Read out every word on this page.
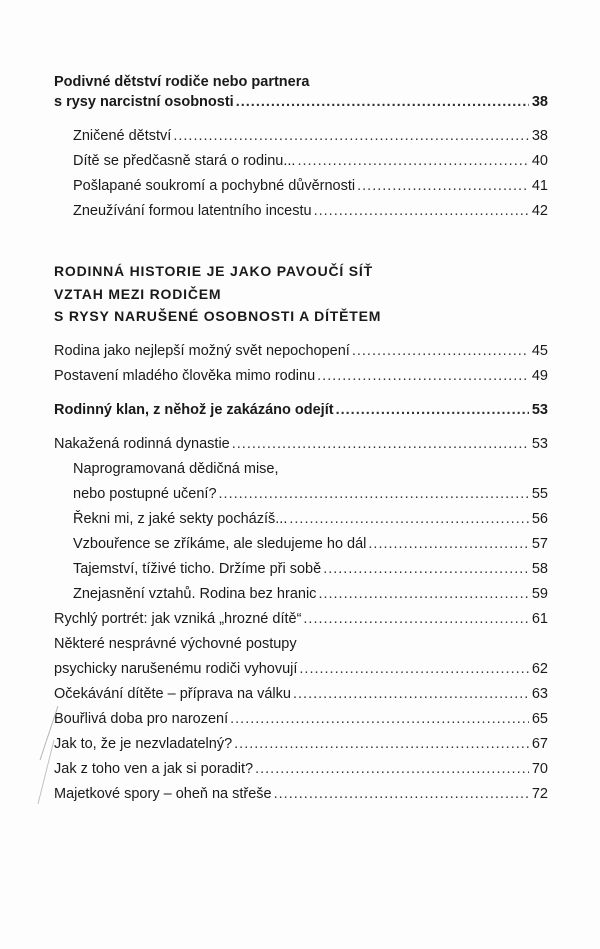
Podivné dětství rodiče nebo partnera
s rysy narcistní osobnosti .....	38
Zničené dětství .....	38
Dítě se předčasně stará o rodinu... .....	40
Pošlapané soukromí a pochybné důvěrnosti .....	41
Zneužívání formou latentního incestu .....	42
RODINNÁ HISTORIE JE JAKO PAVOUČÍ SÍŤ
VZTAH MEZI RODIČEM
S RYSY NARUŠENÉ OSOBNOSTI A DÍTĚTEM
Rodina jako nejlepší možný svět nepochopení .....	45
Postavení mladého člověka mimo rodinu .....	49
Rodinný klan, z něhož je zakázáno odejít .....	53
Nakažená rodinná dynastie .....	53
Naprogramovaná dědičná mise,
nebo postupné učení? .....	55
Řekni mi, z jaké sekty pocházíš... .....	56
Vzbouřence se zříkáme, ale sledujeme ho dál .....	57
Tajemství, tíživé ticho. Držíme při sobě .....	58
Znejasnění vztahů. Rodina bez hranic .....	59
Rychlý portrét: jak vzniká „hrozné dítě“ .....	61
Některé nesprávné výchovné postupy
psychicky narušenému rodiči vyhovují .....	62
Očekávání dítěte – příprava na válku .....	63
Bouřlivá doba pro narození .....	65
Jak to, že je nezvladatelný? .....	67
Jak z toho ven a jak si poradit? .....	70
Majetkové spory – oheň na střeše .....	72
